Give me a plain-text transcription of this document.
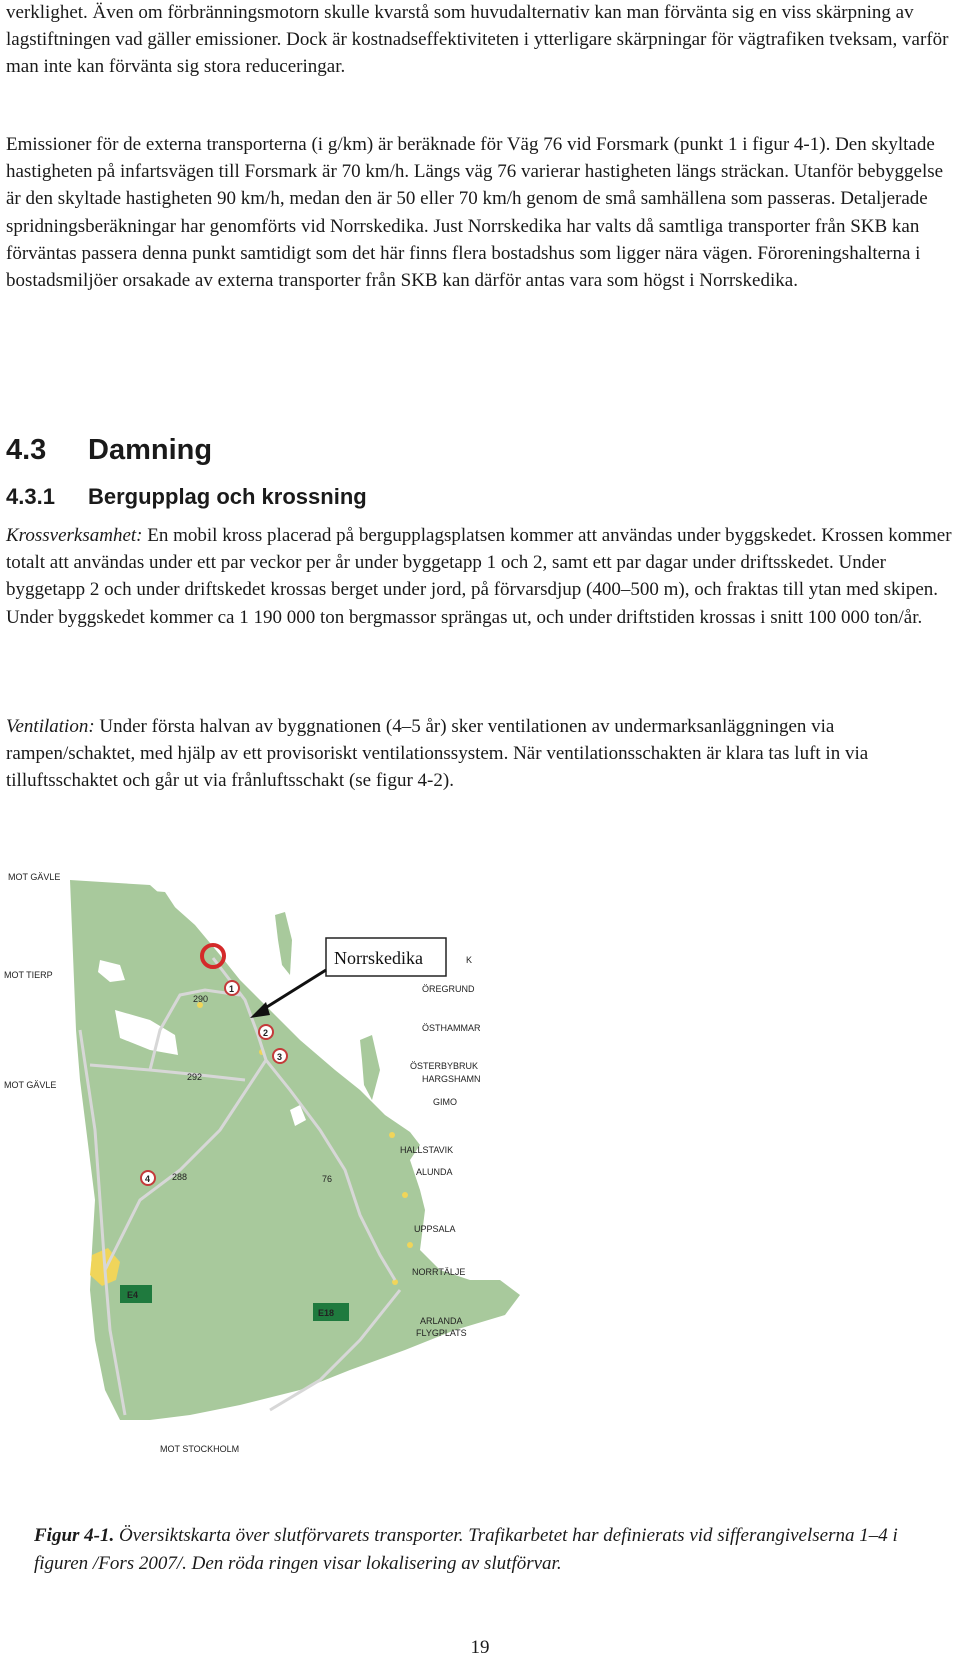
verklighet. Även om förbränningsmotorn skulle kvarstå som huvudalternativ kan man förvänta sig en viss skärpning av lagstiftningen vad gäller emissioner. Dock är kostnadseffektiviteten i ytterligare skärpningar för vägtrafiken tveksam, varför man inte kan förvänta sig stora reduceringar.

Emissioner för de externa transporterna (i g/km) är beräknade för Väg 76 vid Forsmark (punkt 1 i figur 4-1). Den skyltade hastigheten på infartsvägen till Forsmark är 70 km/h. Längs väg 76 varierar hastigheten längs sträckan. Utanför bebyggelse är den skyltade hastigheten 90 km/h, medan den är 50 eller 70 km/h genom de små samhällena som passeras. Detaljerade spridningsberäkningar har genomförts vid Norrskedika. Just Norrskedika har valts då samtliga transporter från SKB kan förväntas passera denna punkt samtidigt som det här finns flera bostadshus som ligger nära vägen. Föroreningshalterna i bostadsmiljöer orsakade av externa transporter från SKB kan därför antas vara som högst i Norrskedika.

4.3 Damning
4.3.1 Bergupplag och krossning

Krossverksamhet: En mobil kross placerad på bergupplagsplatsen kommer att användas under byggskedet. Krossen kommer totalt att användas under ett par veckor per år under byggetapp 1 och 2, samt ett par dagar under driftsskedet. Under byggetapp 2 och under driftskedet krossas berget under jord, på förvarsdjup (400–500 m), och fraktas till ytan med skipen. Under byggskedet kommer ca 1 190 000 ton bergmassor sprängas ut, och under driftstiden krossas i snitt 100 000 ton/år.

Ventilation: Under första halvan av byggnationen (4–5 år) sker ventilationen av undermarksanläggningen via rampen/schaktet, med hjälp av ett provisoriskt ventilationssystem. När ventilationsschakten är klara tas luft in via tilluftsschaktet och går ut via frånluftsschakt (se figur 4-2).

Norrskedika	K
1
2
3
4
292
290
288	76
E4
E18
MOT GÄVLE
MOT TIERP
MOT GÄVLE
ÖREGRUND
ÖSTHAMMAR
ÖSTERBYBRUK
HARGSHAMN
GIMO
HALLSTAVIK
ALUNDA
UPPSALA
NORRTÄLJE
ARLANDA
FLYGPLATS
MOT STOCKHOLM

Figur 4-1. Översiktskarta över slutförvarets transporter. Trafikarbetet har definierats vid sifferangivelserna 1–4 i figuren /Fors 2007/. Den röda ringen visar lokalisering av slutförvar.

19
